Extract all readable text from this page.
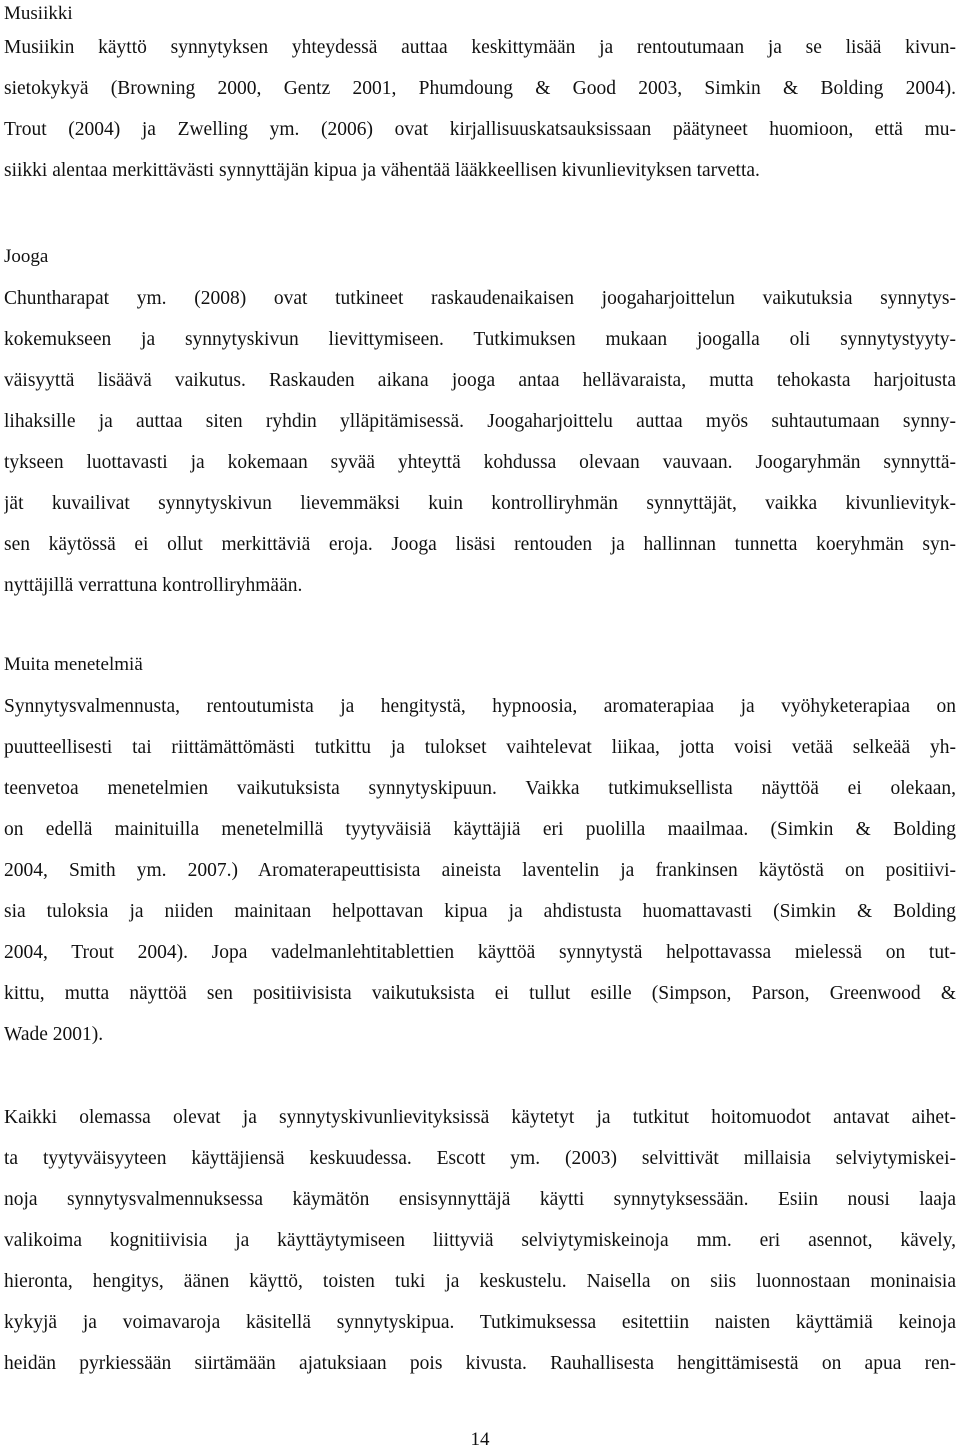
Musiikki
Musiikin käyttö synnytyksen yhteydessä auttaa keskittymään ja rentoutumaan ja se lisää kivun-
sietokykyä (Browning 2000, Gentz 2001, Phumdoung & Good 2003, Simkin & Bolding 2004).
Trout (2004) ja Zwelling ym. (2006) ovat kirjallisuuskatsauksissaan päätyneet huomioon, että mu-
siikki alentaa merkittävästi synnyttäjän kipua ja vähentää lääkkeellisen kivunlievityksen tarvetta.
Jooga
Chuntharapat ym. (2008) ovat tutkineet raskaudenaikaisen joogaharjoittelun vaikutuksia synnytys-
kokemukseen ja synnytyskivun lievittymiseen. Tutkimuksen mukaan joogalla oli synnytystyyty-
väisyyttä lisäävä vaikutus. Raskauden aikana jooga antaa hellävaraista, mutta tehokasta harjoitusta
lihaksille ja auttaa siten ryhdin ylläpitämisessä. Joogaharjoittelu auttaa myös suhtautumaan synny-
tykseen luottavasti ja kokemaan syvää yhteyttä kohdussa olevaan vauvaan. Joogaryhmän synnyttä-
jät kuvailivat synnytyskivun lievemmäksi kuin kontrolliryhmän synnyttäjät, vaikka kivunlievityk-
sen käytössä ei ollut merkittäviä eroja. Jooga lisäsi rentouden ja hallinnan tunnetta koeryhmän syn-
nyttäjillä verrattuna kontrolliryhmään.
Muita menetelmiä
Synnytysvalmennusta, rentoutumista ja hengitystä, hypnoosia, aromaterapiaa ja vyöhyketerapiaa on
puutteellisesti tai riittämättömästi tutkittu ja tulokset vaihtelevat liikaa, jotta voisi vetää selkeää yh-
teenvetoa menetelmien vaikutuksista synnytyskipuun. Vaikka tutkimuksellista näyttöä ei olekaan,
on edellä mainituilla menetelmillä tyytyväisiä käyttäjiä eri puolilla maailmaa. (Simkin & Bolding
2004, Smith ym. 2007.) Aromaterapeuttisista aineista laventelin ja frankinsen käytöstä on positiivi-
sia tuloksia ja niiden mainitaan helpottavan kipua ja ahdistusta huomattavasti (Simkin & Bolding
2004, Trout 2004). Jopa vadelmanlehtitablettien käyttöä synnytystä helpottavassa mielessä on tut-
kittu, mutta näyttöä sen positiivisista vaikutuksista ei tullut esille (Simpson, Parson, Greenwood &
Wade 2001).
Kaikki olemassa olevat ja synnytyskivunlievityksissä käytetyt ja tutkitut hoitomuodot antavat aihet-
ta tyytyväisyyteen käyttäjiensä keskuudessa. Escott ym. (2003) selvittivät millaisia selviytymiskei-
noja synnytysvalmennuksessa käymätön ensisynnyttäjä käytti synnytyksessään. Esiin nousi laaja
valikoima kognitiivisia ja käyttäytymiseen liittyviä selviytymiskeinoja mm. eri asennot, kävely,
hieronta, hengitys, äänen käyttö, toisten tuki ja keskustelu. Naisella on siis luonnostaan moninaisia
kykyjä ja voimavaroja käsitellä synnytyskipua. Tutkimuksessa esitettiin naisten käyttämiä keinoja
heidän pyrkiessään siirtämään ajatuksiaan pois kivusta. Rauhallisesta hengittämisestä on apua ren-
14
